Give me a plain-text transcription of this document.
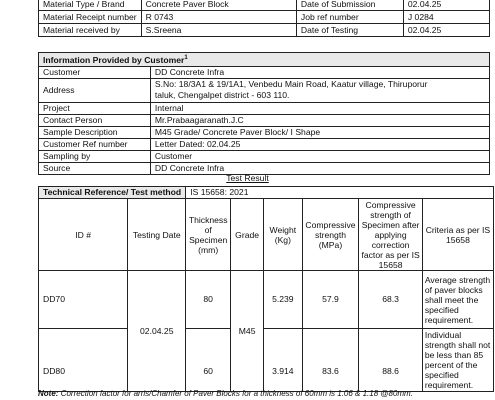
Material Type / Brand	Concrete Paver Block	Date of Submission	02.04.25
Material Receipt number	R 0743	Job ref number	J 0284
Material received by	S.Sreena	Date of Testing	02.04.25
Information Provided by Customer$^1$
Customer	DD Concrete Infra
Address	S.No: 18/3A1 & 19/1A1, Venbedu Main Road, Kaatur village, Thiruporur taluk, Chengalpet district - 603 110.
Project	Internal
Contact Person	Mr.Prabaagaranath.J.C
Sample Description	M45 Grade/ Concrete Paver Block/ I Shape
Customer Ref number	Letter Dated: 02.04.25
Sampling by	Customer
Source	DD Concrete Infra
Test Result
Technical Reference/ Test method		IS 15658: 2021					
ID #	Testing Date	Thickness of Specimen (mm)	Grade	Weight (Kg)	Compressive strength (MPa)	Compressive strength of Specimen after applying correction factor as per IS 15658	Criteria as per IS 15658
DD70	02.04.25	80	M45	5.239	57.9	68.3	Average strength of paver blocks shall meet the specified requirement.
DD80		60		3.914	83.6	88.6	Individual strength shall not be less than 85 percent of the specified requirement.
Note: Correction factor for arris/Chamfer of Paver Blocks for a thickness of 60mm is 1.06 & 1.18 @80mm.
